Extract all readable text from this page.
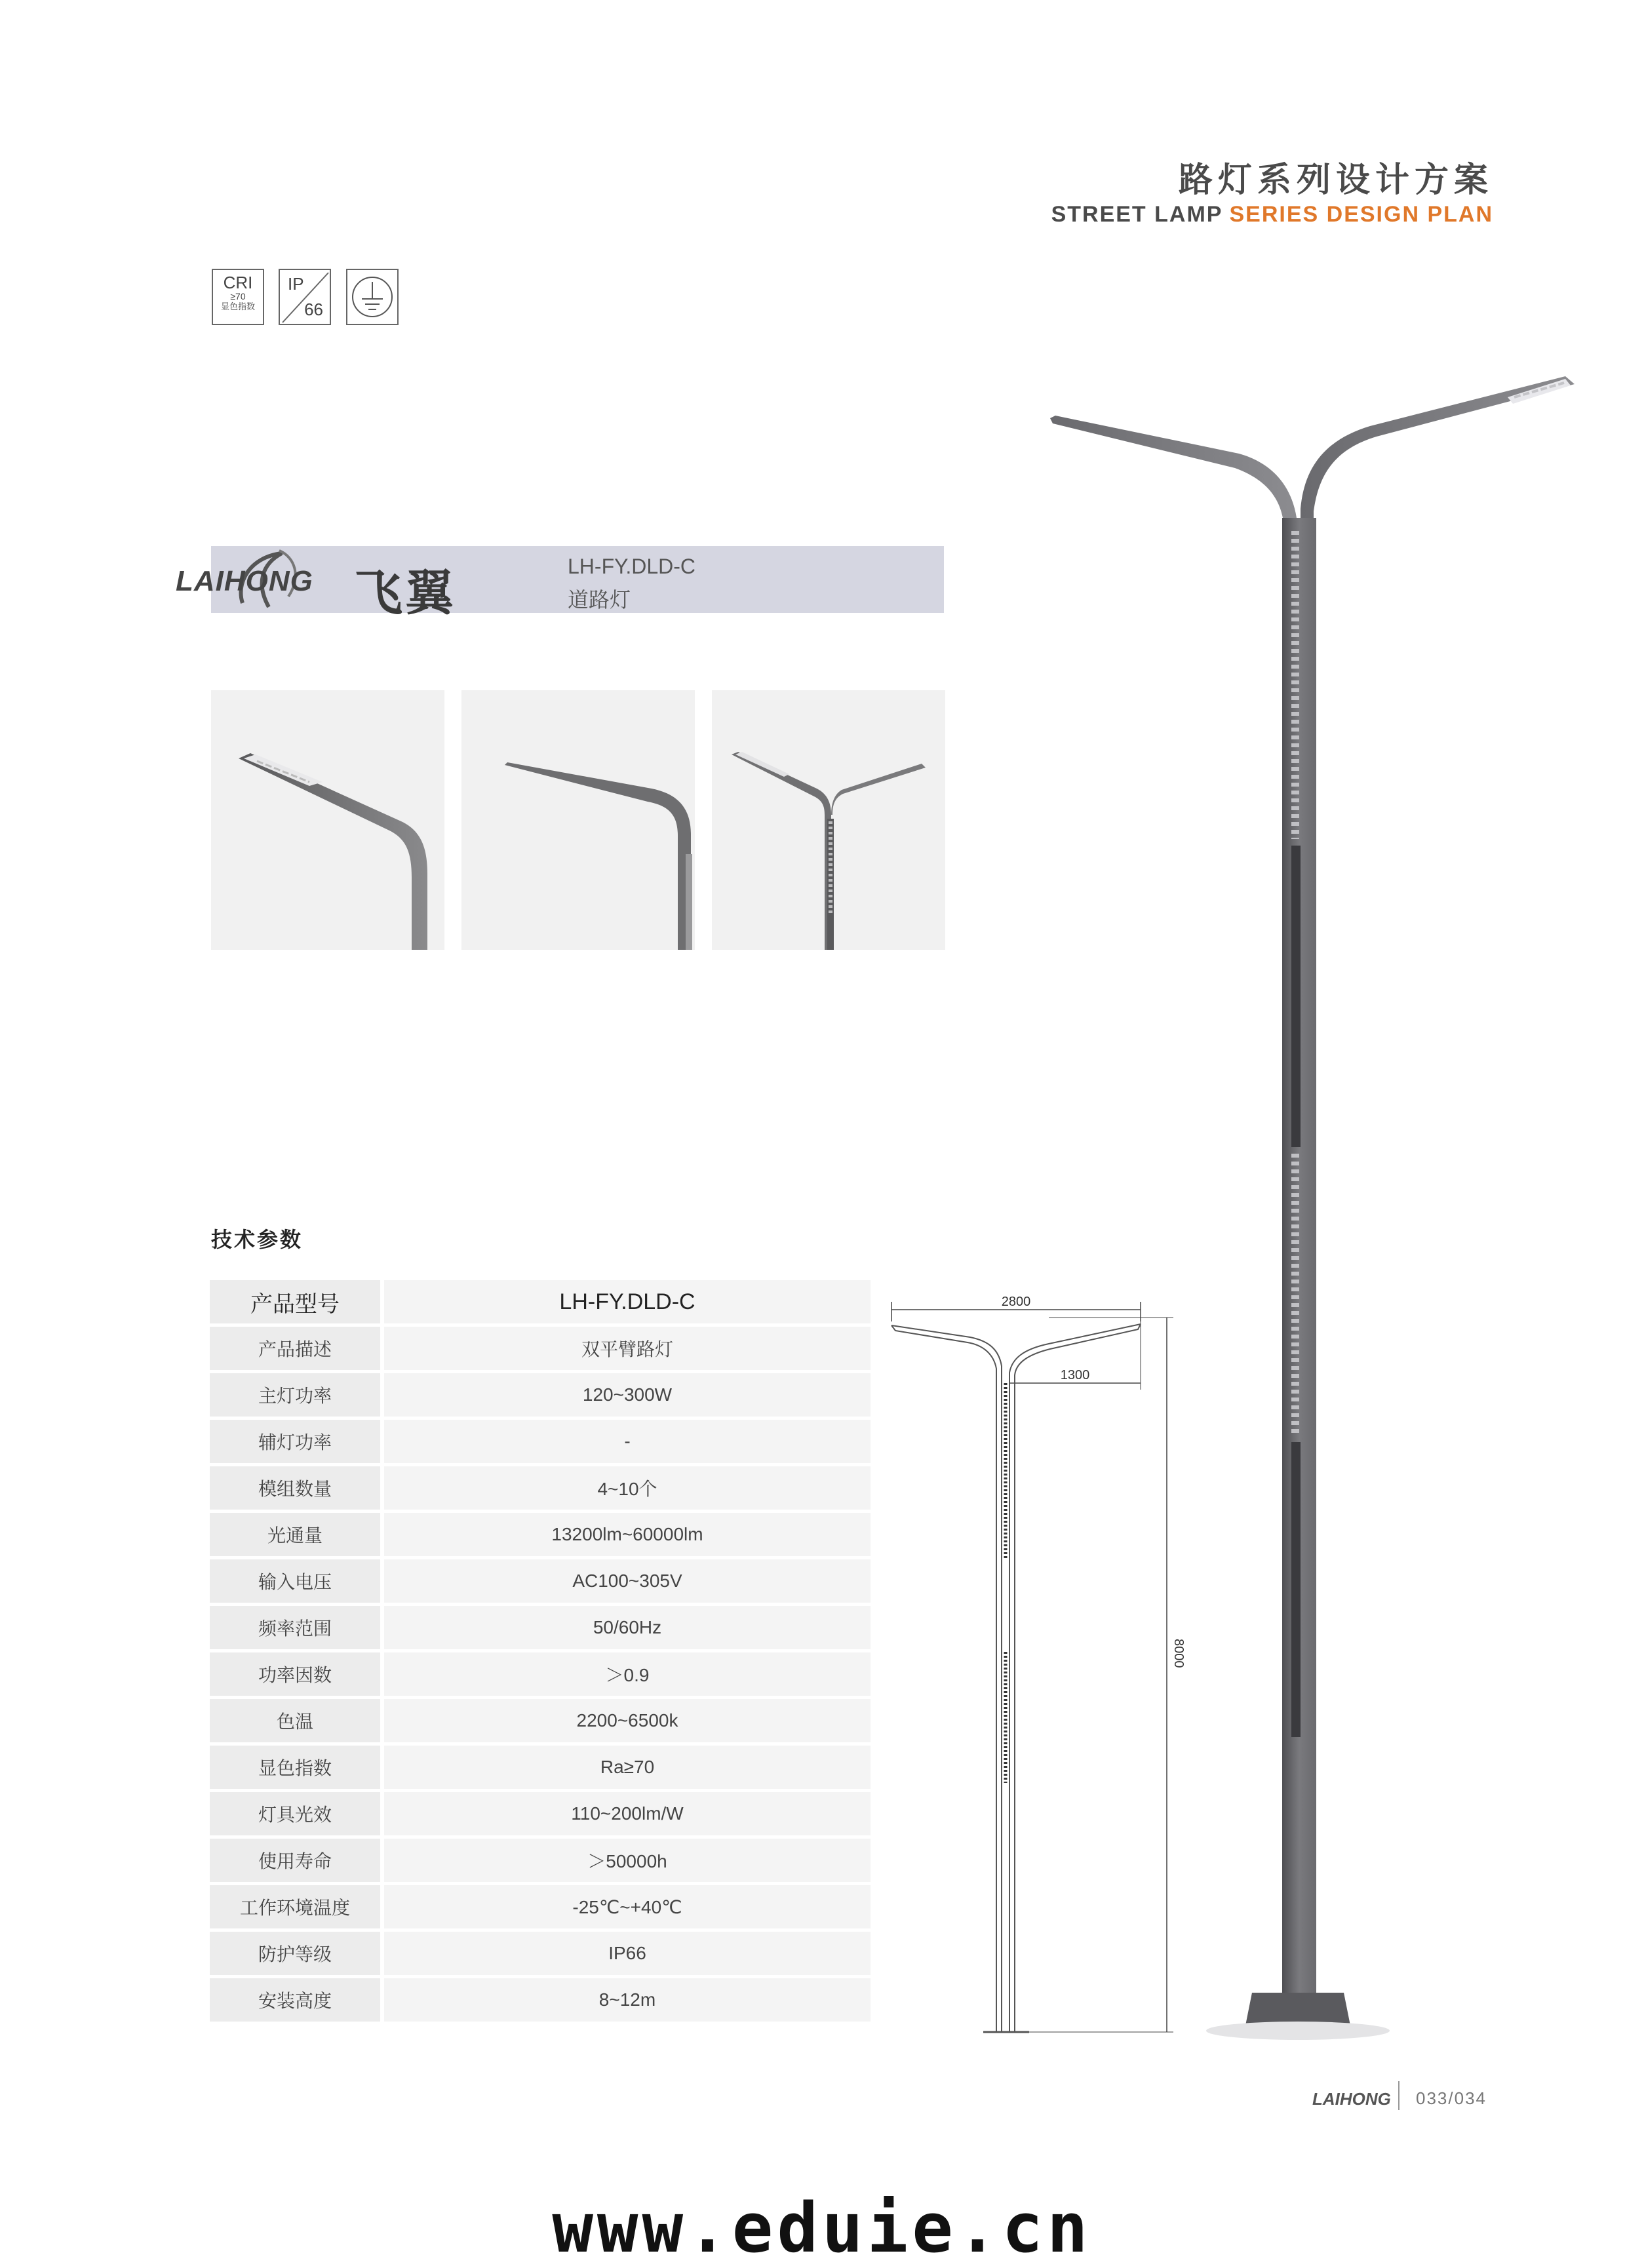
路灯系列设计方案
STREET LAMP SERIES DESIGN PLAN
CRI
≥70
显色指数
IP
66
LAIHONG 飞翼	LH-FY.DLD-C
道路灯
2800
1300
8000
技术参数
产品型号	LH-FY.DLD-C
产品描述	双平臂路灯
主灯功率	120~300W
辅灯功率	-
模组数量	4~10个
光通量	13200lm~60000lm
输入电压	AC100~305V
频率范围	50/60Hz
功率因数	＞0.9
色温	2200~6500k
显色指数	Ra≥70
灯具光效	110~200lm/W
使用寿命	＞50000h
工作环境温度	-25℃~+40℃
防护等级	IP66
安装高度	8~12m
LAIHONG 033/034
www.eduie.cn
